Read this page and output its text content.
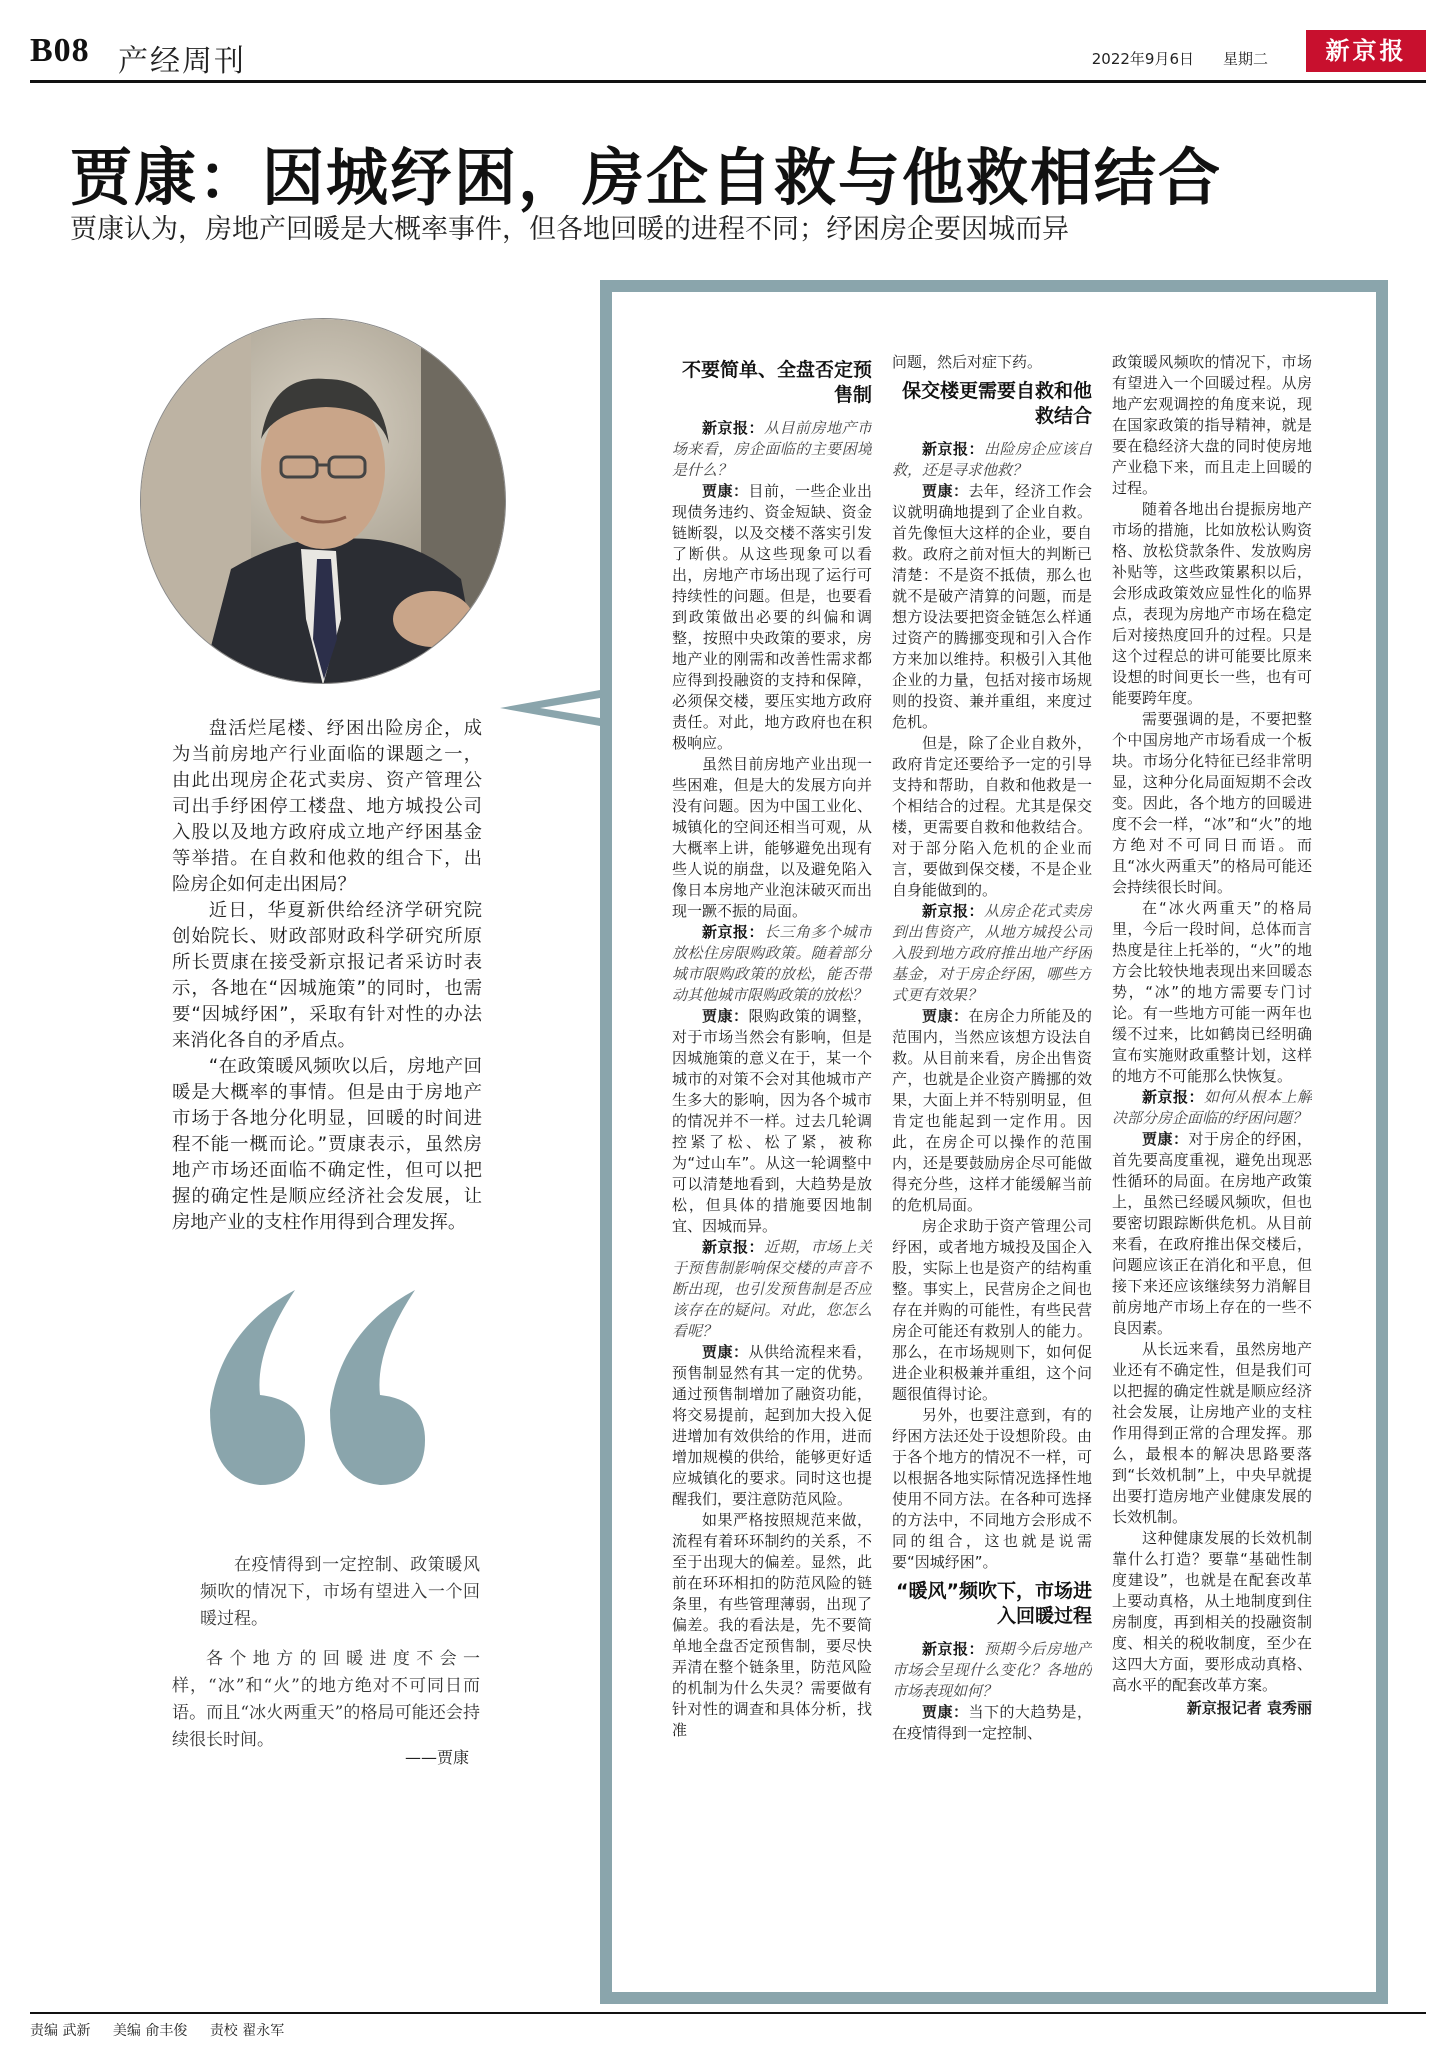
B08 产经周刊	2022年9月6日 星期二	新京报
贾康：因城纾困，房企自救与他救相结合
贾康认为，房地产回暖是大概率事件，但各地回暖的进程不同；纾困房企要因城而异

盘活烂尾楼、纾困出险房企，成为当前房地产行业面临的课题之一，由此出现房企花式卖房、资产管理公司出手纾困停工楼盘、地方城投公司入股以及地方政府成立地产纾困基金等举措。在自救和他救的组合下，出险房企如何走出困局？

近日，华夏新供给经济学研究院创始院长、财政部财政科学研究所原所长贾康在接受新京报记者采访时表示，各地在“因城施策”的同时，也需要“因城纾困”，采取有针对性的办法来消化各自的矛盾点。

“在政策暖风频吹以后，房地产回暖是大概率的事情。但是由于房地产市场于各地分化明显，回暖的时间进程不能一概而论。”贾康表示，虽然房地产市场还面临不确定性，但可以把握的确定性是顺应经济社会发展，让房地产业的支柱作用得到合理发挥。

在疫情得到一定控制、政策暖风频吹的情况下，市场有望进入一个回暖过程。

各个地方的回暖进度不会一样，“冰”和“火”的地方绝对不可同日而语。而且“冰火两重天”的格局可能还会持续很长时间。

——贾康

不要简单、全盘否定预售制

新京报：从目前房地产市场来看，房企面临的主要困境是什么？

贾康：目前，一些企业出现债务违约、资金短缺、资金链断裂，以及交楼不落实引发了断供。从这些现象可以看出，房地产市场出现了运行可持续性的问题。但是，也要看到政策做出必要的纠偏和调整，按照中央政策的要求，房地产业的刚需和改善性需求都应得到投融资的支持和保障，必须保交楼，要压实地方政府责任。对此，地方政府也在积极响应。

虽然目前房地产业出现一些困难，但是大的发展方向并没有问题。因为中国工业化、城镇化的空间还相当可观，从大概率上讲，能够避免出现有些人说的崩盘，以及避免陷入像日本房地产业泡沫破灭而出现一蹶不振的局面。

新京报：长三角多个城市放松住房限购政策。随着部分城市限购政策的放松，能否带动其他城市限购政策的放松？

贾康：限购政策的调整，对于市场当然会有影响，但是因城施策的意义在于，某一个城市的对策不会对其他城市产生多大的影响，因为各个城市的情况并不一样。过去几轮调控紧了松、松了紧，被称为“过山车”。从这一轮调整中可以清楚地看到，大趋势是放松，但具体的措施要因地制宜、因城而异。

新京报：近期，市场上关于预售制影响保交楼的声音不断出现，也引发预售制是否应该存在的疑问。对此，您怎么看呢？

贾康：从供给流程来看，预售制显然有其一定的优势。通过预售制增加了融资功能，将交易提前，起到加大投入促进增加有效供给的作用，进而增加规模的供给，能够更好适应城镇化的要求。同时这也提醒我们，要注意防范风险。

如果严格按照规范来做，流程有着环环制约的关系，不至于出现大的偏差。显然，此前在环环相扣的防范风险的链条里，有些管理薄弱，出现了偏差。我的看法是，先不要简单地全盘否定预售制，要尽快弄清在整个链条里，防范风险的机制为什么失灵？需要做有针对性的调查和具体分析，找准

问题，然后对症下药。

保交楼更需要自救和他救结合

新京报：出险房企应该自救，还是寻求他救？

贾康：去年，经济工作会议就明确地提到了企业自救。首先像恒大这样的企业，要自救。政府之前对恒大的判断已清楚：不是资不抵债，那么也就不是破产清算的问题，而是想方设法要把资金链怎么样通过资产的腾挪变现和引入合作方来加以维持。积极引入其他企业的力量，包括对接市场规则的投资、兼并重组，来度过危机。

但是，除了企业自救外，政府肯定还要给予一定的引导支持和帮助，自救和他救是一个相结合的过程。尤其是保交楼，更需要自救和他救结合。对于部分陷入危机的企业而言，要做到保交楼，不是企业自身能做到的。

新京报：从房企花式卖房到出售资产，从地方城投公司入股到地方政府推出地产纾困基金，对于房企纾困，哪些方式更有效果？

贾康：在房企力所能及的范围内，当然应该想方设法自救。从目前来看，房企出售资产，也就是企业资产腾挪的效果，大面上并不特别明显，但肯定也能起到一定作用。因此，在房企可以操作的范围内，还是要鼓励房企尽可能做得充分些，这样才能缓解当前的危机局面。

房企求助于资产管理公司纾困，或者地方城投及国企入股，实际上也是资产的结构重整。事实上，民营房企之间也存在并购的可能性，有些民营房企可能还有救别人的能力。那么，在市场规则下，如何促进企业积极兼并重组，这个问题很值得讨论。

另外，也要注意到，有的纾困方法还处于设想阶段。由于各个地方的情况不一样，可以根据各地实际情况选择性地使用不同方法。在各种可选择的方法中，不同地方会形成不同的组合，这也就是说需要“因城纾困”。

“暖风”频吹下，市场进入回暖过程

新京报：预期今后房地产市场会呈现什么变化？各地的市场表现如何？

贾康：当下的大趋势是，在疫情得到一定控制、

政策暖风频吹的情况下，市场有望进入一个回暖过程。从房地产宏观调控的角度来说，现在国家政策的指导精神，就是要在稳经济大盘的同时使房地产业稳下来，而且走上回暖的过程。

随着各地出台提振房地产市场的措施，比如放松认购资格、放松贷款条件、发放购房补贴等，这些政策累积以后，会形成政策效应显性化的临界点，表现为房地产市场在稳定后对接热度回升的过程。只是这个过程总的讲可能要比原来设想的时间更长一些，也有可能要跨年度。

需要强调的是，不要把整个中国房地产市场看成一个板块。市场分化特征已经非常明显，这种分化局面短期不会改变。因此，各个地方的回暖进度不会一样，“冰”和“火”的地方绝对不可同日而语。而且“冰火两重天”的格局可能还会持续很长时间。

在“冰火两重天”的格局里，今后一段时间，总体而言热度是往上托举的，“火”的地方会比较快地表现出来回暖态势，“冰”的地方需要专门讨论。有一些地方可能一两年也缓不过来，比如鹤岗已经明确宣布实施财政重整计划，这样的地方不可能那么快恢复。

新京报：如何从根本上解决部分房企面临的纾困问题？

贾康：对于房企的纾困，首先要高度重视，避免出现恶性循环的局面。在房地产政策上，虽然已经暖风频吹，但也要密切跟踪断供危机。从目前来看，在政府推出保交楼后，问题应该正在消化和平息，但接下来还应该继续努力消解目前房地产市场上存在的一些不良因素。

从长远来看，虽然房地产业还有不确定性，但是我们可以把握的确定性就是顺应经济社会发展，让房地产业的支柱作用得到正常的合理发挥。那么，最根本的解决思路要落到“长效机制”上，中央早就提出要打造房地产业健康发展的长效机制。

这种健康发展的长效机制靠什么打造？要靠“基础性制度建设”，也就是在配套改革上要动真格，从土地制度到住房制度，再到相关的投融资制度、相关的税收制度，至少在这四大方面，要形成动真格、高水平的配套改革方案。

新京报记者 袁秀丽

责编 武新 美编 俞丰俊 责校 翟永军
